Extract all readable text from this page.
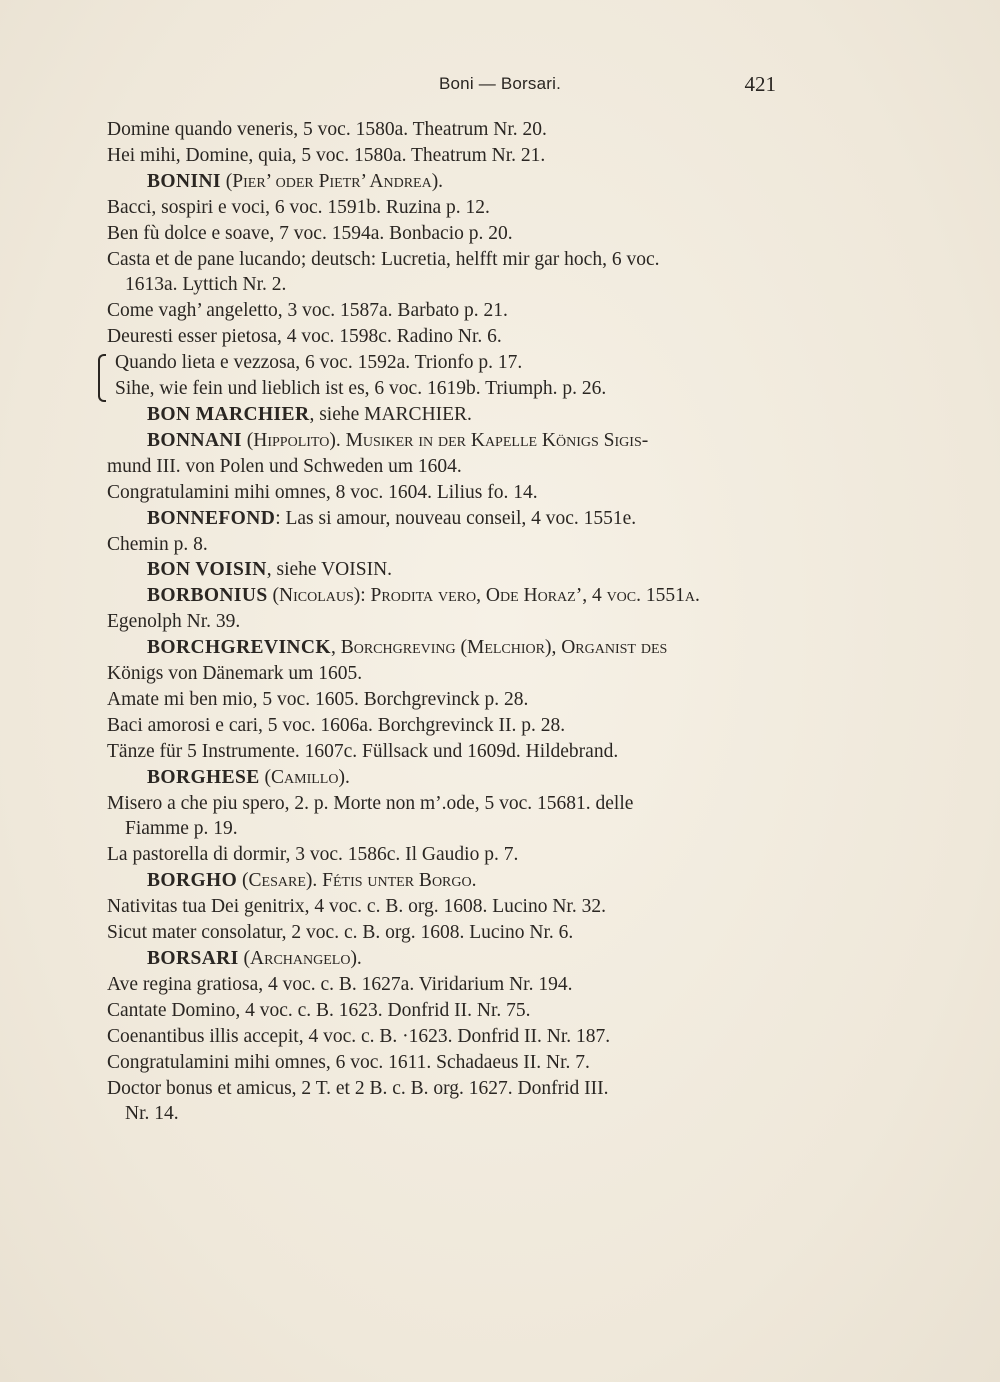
Boni — Borsari.	421
Domine quando veneris, 5 voc. 1580a. Theatrum Nr. 20.
Hei mihi, Domine, quia, 5 voc. 1580a. Theatrum Nr. 21.
BONINI (Pier’ oder Pietr’ Andrea).
Bacci, sospiri e voci, 6 voc. 1591b. Ruzina p. 12.
Ben fù dolce e soave, 7 voc. 1594a. Bonbacio p. 20.
Casta et de pane lucando; deutsch: Lucretia, helfft mir gar hoch, 6 voc.
1613a. Lyttich Nr. 2.
Come vagh’ angeletto, 3 voc. 1587a. Barbato p. 21.
Deuresti esser pietosa, 4 voc. 1598c. Radino Nr. 6.
Quando lieta e vezzosa, 6 voc. 1592a. Trionfo p. 17.
Sihe, wie fein und lieblich ist es, 6 voc. 1619b. Triumph. p. 26.
BON MARCHIER, siehe MARCHIER.
BONNANI (Hippolito). Musiker in der Kapelle Königs Sigis-
mund III. von Polen und Schweden um 1604.
Congratulamini mihi omnes, 8 voc. 1604. Lilius fo. 14.
BONNEFOND: Las si amour, nouveau conseil, 4 voc. 1551e.
Chemin p. 8.
BON VOISIN, siehe VOISIN.
BORBONIUS (Nicolaus): Prodita vero, Ode Horaz’, 4 voc. 1551a.
Egenolph Nr. 39.
BORCHGREVINCK, Borchgreving (Melchior), Organist des
Königs von Dänemark um 1605.
Amate mi ben mio, 5 voc. 1605. Borchgrevinck p. 28.
Baci amorosi e cari, 5 voc. 1606a. Borchgrevinck II. p. 28.
Tänze für 5 Instrumente. 1607c. Füllsack und 1609d. Hildebrand.
BORGHESE (Camillo).
Misero a che piu spero, 2. p. Morte non m’.ode, 5 voc. 15681. delle
Fiamme p. 19.
La pastorella di dormir, 3 voc. 1586c. Il Gaudio p. 7.
BORGHO (Cesare). Fétis unter Borgo.
Nativitas tua Dei genitrix, 4 voc. c. B. org. 1608. Lucino Nr. 32.
Sicut mater consolatur, 2 voc. c. B. org. 1608. Lucino Nr. 6.
BORSARI (Archangelo).
Ave regina gratiosa, 4 voc. c. B. 1627a. Viridarium Nr. 194.
Cantate Domino, 4 voc. c. B. 1623. Donfrid II. Nr. 75.
Coenantibus illis accepit, 4 voc. c. B. ·1623. Donfrid II. Nr. 187.
Congratulamini mihi omnes, 6 voc. 1611. Schadaeus II. Nr. 7.
Doctor bonus et amicus, 2 T. et 2 B. c. B. org. 1627. Donfrid III.
Nr. 14.
